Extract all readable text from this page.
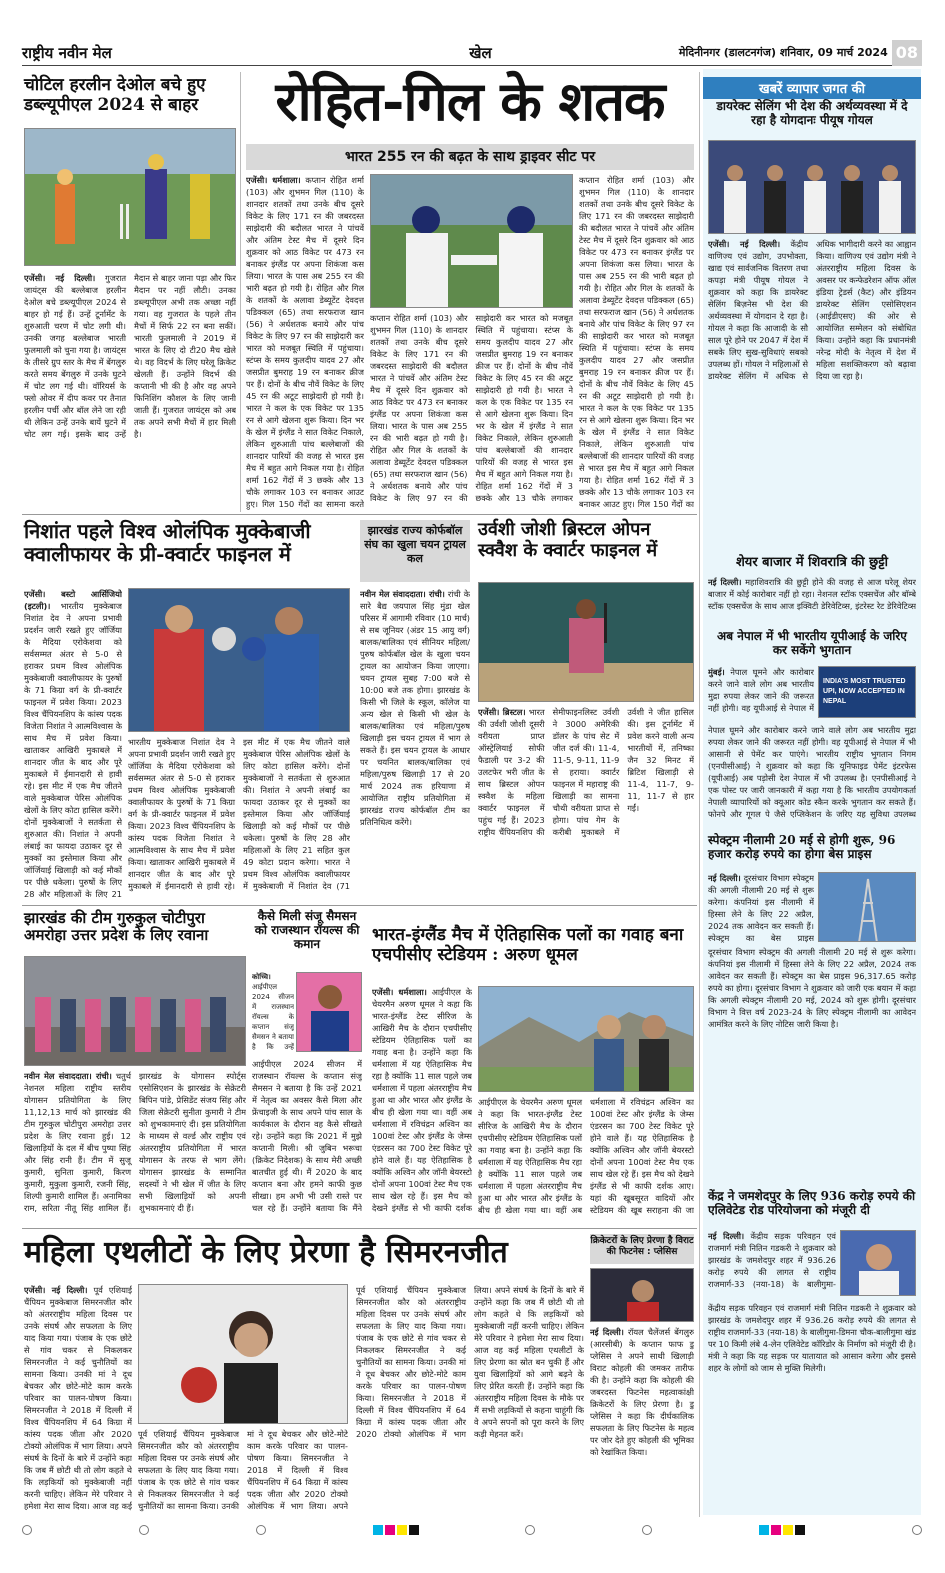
राष्ट्रीय नवीन मेल	खेल	मेदिनीनगर (डालटनगंज) शनिवार, 09 मार्च 2024 08
चोटिल हरलीन देओल बचे हुए डब्ल्यूपीएल 2024 से बाहर
एजेंसी। नई दिल्ली। गुजरात जायंट्स की बल्लेबाज हरलीन देओल बचे डब्ल्यूपीएल 2024 से बाहर हो गई हैं। उन्हें टूर्नामेंट के शुरुआती चरण में चोट लगी थी। उनकी जगह बल्लेबाज भारती फुलमाली को चुना गया है। जायंट्स के तीसरे ग्रुप स्तर के मैच में बेंगलुरु करते समय बेंगलुरु में उनके घुटने में चोट लग गई थी। वॉरियर्स के फ्लो ओवर में दीप कवर पर तैनात हरलीन पर्ची और बॉल लेने जा रही थी लेकिन उन्हें उनके बायें घुटने में चोट लग गई। इसके बाद उन्हें मैदान से बाहर जाना पड़ा और फिर मैदान पर नहीं लौटी। उनका डब्ल्यूपीएल अभी तक अच्छा नहीं गया। वह गुजरात के पहले तीन मैचों में सिर्फ 22 रन बना सकीं। भारती फुलमाली ने 2019 में भारत के लिए दो टी20 मैच खेले थे। वह विदर्भ के लिए घरेलू क्रिकेट खेलती हैं। उन्होंने विदर्भ की कप्तानी भी की है और वह अपने फिनिशिंग कौशल के लिए जानी जाती हैं। गुजरात जायंट्स को अब तक अपने सभी मैचों में हार मिली है।
रोहित-गिल के शतक
भारत 255 रन की बढ़त के साथ ड्राइवर सीट पर
एजेंसी। धर्मशाला। कप्तान रोहित शर्मा (103) और शुभमन गिल (110) के शानदार शतकों तथा उनके बीच दूसरे विकेट के लिए 171 रन की जबरदस्त साझेदारी की बदौलत भारत ने पांचवें और अंतिम टेस्ट मैच में दूसरे दिन शुक्रवार को आठ विकेट पर 473 रन बनाकर इंग्लैंड पर अपना शिकंजा कस लिया। भारत के पास अब 255 रन की भारी बढ़त हो गयी है। रोहित और गिल के शतकों के अलावा डेब्यूटेंट देवदत्त पडिक्कल (65) तथा सरफराज खान (56) ने अर्धशतक बनाये और पांच विकेट के लिए 97 रन की साझेदारी कर भारत को मजबूत स्थिति में पहुंचाया। स्टंप्स के समय कुलदीप यादव 27 और जसप्रीत बुमराह 19 रन बनाकर क्रीज पर हैं। दोनों के बीच नौवें विकेट के लिए 45 रन की अटूट साझेदारी हो गयी है। भारत ने कल के एक विकेट पर 135 रन से आगे खेलना शुरू किया। दिन भर के खेल में इंग्लैंड ने सात विकेट निकाले, लेकिन शुरुआती पांच बल्लेबाजों की शानदार पारियों की वजह से भारत इस मैच में बहुत आगे निकल गया है। रोहित शर्मा 162 गेंदों में 3 छक्के और 13 चौके लगाकर 103 रन बनाकर आउट हुए। गिल 150 गेंदों का सामना करते
कप्तान रोहित शर्मा (103) और शुभमन गिल (110) के शानदार शतकों तथा उनके बीच दूसरे विकेट के लिए 171 रन की जबरदस्त साझेदारी की बदौलत भारत ने पांचवें और अंतिम टेस्ट मैच में दूसरे दिन शुक्रवार को आठ विकेट पर 473 रन बनाकर इंग्लैंड पर अपना शिकंजा कस लिया। भारत के पास अब 255 रन की भारी बढ़त हो गयी है। रोहित और गिल के शतकों के अलावा डेब्यूटेंट देवदत्त पडिक्कल (65) तथा सरफराज खान (56) ने अर्धशतक बनाये और पांच विकेट के लिए 97 रन की साझेदारी कर भारत को मजबूत स्थिति में पहुंचाया। स्टंप्स के समय कुलदीप यादव 27 और जसप्रीत बुमराह 19 रन बनाकर क्रीज पर हैं। दोनों के बीच नौवें विकेट के लिए 45 रन की अटूट साझेदारी हो गयी है। भारत ने कल के एक विकेट पर 135 रन से आगे खेलना शुरू किया। दिन भर के खेल में इंग्लैंड ने सात विकेट निकाले, लेकिन शुरुआती पांच बल्लेबाजों की शानदार पारियों की वजह से भारत इस मैच में बहुत आगे निकल गया है। रोहित शर्मा 162 गेंदों में 3 छक्के और 13 चौके लगाकर
कप्तान रोहित शर्मा (103) और शुभमन गिल (110) के शानदार शतकों तथा उनके बीच दूसरे विकेट के लिए 171 रन की जबरदस्त साझेदारी की बदौलत भारत ने पांचवें और अंतिम टेस्ट मैच में दूसरे दिन शुक्रवार को आठ विकेट पर 473 रन बनाकर इंग्लैंड पर अपना शिकंजा कस लिया। भारत के पास अब 255 रन की भारी बढ़त हो गयी है। रोहित और गिल के शतकों के अलावा डेब्यूटेंट देवदत्त पडिक्कल (65) तथा सरफराज खान (56) ने अर्धशतक बनाये और पांच विकेट के लिए 97 रन की साझेदारी कर भारत को मजबूत स्थिति में पहुंचाया। स्टंप्स के समय कुलदीप यादव 27 और जसप्रीत बुमराह 19 रन बनाकर क्रीज पर हैं। दोनों के बीच नौवें विकेट के लिए 45 रन की अटूट साझेदारी हो गयी है। भारत ने कल के एक विकेट पर 135 रन से आगे खेलना शुरू किया। दिन भर के खेल में इंग्लैंड ने सात विकेट निकाले, लेकिन शुरुआती पांच बल्लेबाजों की शानदार पारियों की वजह से भारत इस मैच में बहुत आगे निकल गया है। रोहित शर्मा 162 गेंदों में 3 छक्के और 13 चौके लगाकर 103 रन बनाकर आउट हुए। गिल 150 गेंदों का
निशांत पहले विश्व ओलंपिक मुक्केबाजी क्वालीफायर के प्री-क्वार्टर फाइनल में
एजेंसी। बस्टो आर्सिजियो (इटली)। भारतीय मुक्केबाज निशांत देव ने अपना प्रभावी प्रदर्शन जारी रखते हुए जॉर्जिया के मैदिया एरोकेशवा को सर्वसम्मत अंतर से 5-0 से हराकर प्रथम विश्व ओलंपिक मुक्केबाजी क्वालीफायर के पुरुषों के 71 किग्रा वर्ग के प्री-क्वार्टर फाइनल में प्रवेश किया। 2023 विश्व चैंपियनशिप के कांस्य पदक विजेता निशांत ने आत्मविश्वास के साथ मैच में प्रवेश किया। खाताकर आखिरी मुकाबले में शानदार जीत के बाद और पूरे मुकाबले में ईमानदारी से हावी रहे। इस मीट में एक मैच जीतने वाले मुक्केबाज पेरिस ओलंपिक खेलों के लिए कोटा हासिल करेंगे। दोनों मुक्केबाजों ने सतर्कता से शुरुआत की। निशांत ने अपनी लंबाई का फायदा उठाकर दूर से मुक्कों का इस्तेमाल किया और जॉर्जियाई खिलाड़ी को कई मौकों पर पीछे धकेला। पुरुषों के लिए 28 और महिलाओं के लिए 21
भारतीय मुक्केबाज निशांत देव ने अपना प्रभावी प्रदर्शन जारी रखते हुए जॉर्जिया के मैदिया एरोकेशवा को सर्वसम्मत अंतर से 5-0 से हराकर प्रथम विश्व ओलंपिक मुक्केबाजी क्वालीफायर के पुरुषों के 71 किग्रा वर्ग के प्री-क्वार्टर फाइनल में प्रवेश किया। 2023 विश्व चैंपियनशिप के कांस्य पदक विजेता निशांत ने आत्मविश्वास के साथ मैच में प्रवेश किया। खाताकर आखिरी मुकाबले में शानदार जीत के बाद और पूरे मुकाबले में ईमानदारी से हावी रहे। इस मीट में एक मैच जीतने वाले मुक्केबाज पेरिस ओलंपिक खेलों के लिए कोटा हासिल करेंगे। दोनों मुक्केबाजों ने सतर्कता से शुरुआत की। निशांत ने अपनी लंबाई का फायदा उठाकर दूर से मुक्कों का इस्तेमाल किया और जॉर्जियाई खिलाड़ी को कई मौकों पर पीछे धकेला। पुरुषों के लिए 28 और महिलाओं के लिए 21 सहित कुल 49 कोटा प्रदान करेगा। भारत ने प्रथम विश्व ओलंपिक क्वालीफायर में मुक्केबाजी में निशांत देव (71
झारखंड राज्य कोर्फबॉल संघ का खुला चयन ट्रायल कल
नवीन मेल संवाददाता। रांची। रांची के सारे बैद्य जयपाल सिंह मुंडा खेल परिसर में आगामी रविवार (10 मार्च) से सब जूनियर (अंडर 15 आयु वर्ग) बालक/बालिका एवं सीनियर महिला/पुरुष कोर्फबॉल खेल के खुला चयन ट्रायल का आयोजन किया जाएगा। चयन ट्रायल सुबह 7:00 बजे से 10:00 बजे तक होगा। झारखंड के किसी भी जिले के स्कूल, कॉलेज या अन्य खेल से किसी भी खेल के बालक/बालिका एवं महिला/पुरुष खिलाड़ी इस चयन ट्रायल में भाग ले सकते हैं। इस चयन ट्रायल के आधार पर चयनित बालक/बालिका एवं महिला/पुरुष खिलाड़ी 17 से 20 मार्च 2024 तक हरियाणा में आयोजित राष्ट्रीय प्रतियोगिता में झारखंड राज्य कोर्फबॉल टीम का प्रतिनिधित्व करेंगे।
उर्वशी जोशी ब्रिस्टल ओपन स्क्वैश के क्वार्टर फाइनल में
एजेंसी। ब्रिस्टल। भारत की उर्वशी जोशी दूसरी वरीयता प्राप्त ऑस्ट्रेलियाई सोफी फैडाली पर 3-2 की उलटफेर भरी जीत के साथ ब्रिस्टल ओपन स्क्वैश के महिला क्वार्टर फाइनल में पहुंच गई हैं। 2023 राष्ट्रीय चैंपियनशिप की सेमीफाइनलिस्ट उर्वशी ने 3000 अमेरिकी डॉलर के पांच सेट में जीत दर्ज की। 11-4, 11-5, 9-11, 11-9 से हराया। क्वार्टर फाइनल में महाराष्ट्र की खिलाड़ी का सामना चौथी वरीयता प्राप्त से होगा। पांच गेम के करीबी मुकाबले में उर्वशी ने जीत हासिल की। इस टूर्नामेंट में प्रवेश करने वाली अन्य भारतीयों में, तनिष्का जैन 32 मिनट में ब्रिटिश खिलाड़ी से 11-4, 11-7, 9-11, 11-7 से हार गईं।
झारखंड की टीम गुरुकुल चोटीपुरा अमरोहा उत्तर प्रदेश के लिए रवाना
नवीन मेल संवाददाता। रांची। चतुर्थ नेशनल महिला राष्ट्रीय स्तरीय योगासन प्रतियोगिता के लिए 11,12,13 मार्च को झारखंड की टीम गुरुकुल चोटीपुरा अमरोहा उत्तर प्रदेश के लिए रवाना हुई। 12 खिलाड़ियों के दल में बीच पुष्पा सिंह और सिंह रानी हैं। टीम में सुजू कुमारी, सुनिता कुमारी, किरण कुमारी, मुकुला कुमारी, रजनी सिंह, शिल्पी कुमारी शामिल हैं। अनामिका राम, सरिता नीतू सिंह शामिल हैं। झारखंड के योगासन स्पोर्ट्स एसोसिएशन के झारखंड के सेक्रेटरी बिपिन पांडे, प्रेसिडेंट संजय सिंह और जिला सेक्रेटरी सुनीता कुमारी ने टीम को शुभकामनाएं दी। इस प्रतियोगिता के माध्यम से वर्ल्ड और राष्ट्रीय एवं अंतरराष्ट्रीय प्रतियोगिता में भारत योगासन के तरफ से भाग लेंगे। योगासन झारखंड के सम्मानित सदस्यों ने भी खेल में जीत के लिए सभी खिलाड़ियों को अपनी शुभकामनाएं दी हैं।
कैसे मिली संजू सैमसन को राजस्थान रॉयल्स की कमान
कोच्चि। आईपीएल 2024 सीजन में राजस्थान रॉयल्स के कप्तान संजू सैमसन ने बताया है कि उन्हें
आईपीएल 2024 सीजन में राजस्थान रॉयल्स के कप्तान संजू सैमसन ने बताया है कि उन्हें 2021 में नेतृत्व का अवसर कैसे मिला और फ्रेंचाइजी के साथ अपने पांच साल के कार्यकाल के दौरान वह कैसे सीखते रहे। उन्होंने कहा कि 2021 में मुझे कप्तानी मिली। श्री जुबिन भरूचा (क्रिकेट निदेशक) के साथ मेरी अच्छी बातचीत हुई थी। मैं 2020 के बाद कप्तान बना और हमने काफी कुछ सीखा। हम अभी भी उसी रास्ते पर चल रहे हैं। उन्होंने बताया कि मैंने
भारत-इंग्लैंड मैच में ऐतिहासिक पलों का गवाह बना एचपीसीए स्टेडियम : अरुण धूमल
एजेंसी। धर्मशाला। आईपीएल के चेयरमैन अरुण धूमल ने कहा कि भारत-इंग्लैंड टेस्ट सीरिज के आखिरी मैच के दौरान एचपीसीए स्टेडियम ऐतिहासिक पलों का गवाह बना है। उन्होंने कहा कि धर्मशाला में यह ऐतिहासिक मैच रहा है क्योंकि 11 साल पहले जब धर्मशाला में पहला अंतरराष्ट्रीय मैच हुआ था और भारत और इंग्लैंड के बीच ही खेला गया था। वहीं अब धर्मशाला में रविचंद्रन अश्विन का 100वां टेस्ट और इंग्लैंड के जेम्स एंडरसन का 700 टेस्ट विकेट पूरे होने वाले हैं। यह ऐतिहासिक है क्योंकि अश्विन और जॉनी बेयरस्टो दोनों अपना 100वां टेस्ट मैच एक साथ खेल रहे हैं। इस मैच को देखने इंग्लैंड से भी काफी दर्शक
आईपीएल के चेयरमैन अरुण धूमल ने कहा कि भारत-इंग्लैंड टेस्ट सीरिज के आखिरी मैच के दौरान एचपीसीए स्टेडियम ऐतिहासिक पलों का गवाह बना है। उन्होंने कहा कि धर्मशाला में यह ऐतिहासिक मैच रहा है क्योंकि 11 साल पहले जब धर्मशाला में पहला अंतरराष्ट्रीय मैच हुआ था और भारत और इंग्लैंड के बीच ही खेला गया था। वहीं अब धर्मशाला में रविचंद्रन अश्विन का 100वां टेस्ट और इंग्लैंड के जेम्स एंडरसन का 700 टेस्ट विकेट पूरे होने वाले हैं। यह ऐतिहासिक है क्योंकि अश्विन और जॉनी बेयरस्टो दोनों अपना 100वां टेस्ट मैच एक साथ खेल रहे हैं। इस मैच को देखने इंग्लैंड से भी काफी दर्शक आए। यहां की खूबसूरत वादियों और स्टेडियम की खूब सराहना की जा
महिला एथलीटों के लिए प्रेरणा है सिमरनजीत
एजेंसी। नई दिल्ली। पूर्व एशियाई चैंपियन मुक्केबाज सिमरनजीत कौर को अंतरराष्ट्रीय महिला दिवस पर उनके संघर्ष और सफलता के लिए याद किया गया। पंजाब के एक छोटे से गांव चकर से निकलकर सिमरनजीत ने कई चुनौतियों का सामना किया। उनकी मां ने दूध बेचकर और छोटे-मोटे काम करके परिवार का पालन-पोषण किया। सिमरनजीत ने 2018 में दिल्ली में विश्व चैंपियनशिप में 64 किग्रा में कांस्य पदक जीता और 2020 टोक्यो ओलंपिक में भाग लिया। अपने संघर्ष के दिनों के बारे में उन्होंने कहा कि जब मैं छोटी थी तो लोग कहते थे कि लड़कियों को मुक्केबाजी नहीं करनी चाहिए। लेकिन मेरे परिवार ने हमेशा मेरा साथ दिया। आज वह कई
पूर्व एशियाई चैंपियन मुक्केबाज सिमरनजीत कौर को अंतरराष्ट्रीय महिला दिवस पर उनके संघर्ष और सफलता के लिए याद किया गया। पंजाब के एक छोटे से गांव चकर से निकलकर सिमरनजीत ने कई चुनौतियों का सामना किया। उनकी मां ने दूध बेचकर और छोटे-मोटे काम करके परिवार का पालन-पोषण किया। सिमरनजीत ने 2018 में दिल्ली में विश्व चैंपियनशिप में 64 किग्रा में कांस्य पदक जीता और 2020 टोक्यो ओलंपिक में भाग लिया। अपने
पूर्व एशियाई चैंपियन मुक्केबाज सिमरनजीत कौर को अंतरराष्ट्रीय महिला दिवस पर उनके संघर्ष और सफलता के लिए याद किया गया। पंजाब के एक छोटे से गांव चकर से निकलकर सिमरनजीत ने कई चुनौतियों का सामना किया। उनकी मां ने दूध बेचकर और छोटे-मोटे काम करके परिवार का पालन-पोषण किया। सिमरनजीत ने 2018 में दिल्ली में विश्व चैंपियनशिप में 64 किग्रा में कांस्य पदक जीता और 2020 टोक्यो ओलंपिक में भाग लिया। अपने संघर्ष के दिनों के बारे में उन्होंने कहा कि जब मैं छोटी थी तो लोग कहते थे कि लड़कियों को मुक्केबाजी नहीं करनी चाहिए। लेकिन मेरे परिवार ने हमेशा मेरा साथ दिया। आज वह कई महिला एथलीटों के लिए प्रेरणा का स्रोत बन चुकी हैं और युवा खिलाड़ियों को आगे बढ़ने के लिए प्रेरित करती हैं। उन्होंने कहा कि अंतरराष्ट्रीय महिला दिवस के मौके पर मैं सभी लड़कियों से कहना चाहूंगी कि वे अपने सपनों को पूरा करने के लिए कड़ी मेहनत करें।
क्रिकेटरों के लिए प्रेरणा है विराट की फिटनेस : प्लेसिस
नई दिल्ली। रॉयल चैलेंजर्स बेंगलुरु (आरसीबी) के कप्तान फाफ डु प्लेसिस ने अपने साथी खिलाड़ी विराट कोहली की जमकर तारीफ की है। उन्होंने कहा कि कोहली की जबरदस्त फिटनेस महत्वाकांक्षी क्रिकेटरों के लिए प्रेरणा है। डु प्लेसिस ने कहा कि दीर्घकालिक सफलता के लिए फिटनेस के महत्व पर जोर देते हुए कोहली की भूमिका को रेखांकित किया।
खबरें व्यापार जगत की
डायरेक्ट सेलिंग भी देश की अर्थव्यवस्था में दे रहा है योगदानः पीयूष गोयल
एजेंसी। नई दिल्ली। केंद्रीय वाणिज्य एवं उद्योग, उपभोक्ता, खाद्य एवं सार्वजनिक वितरण तथा कपड़ा मंत्री पीयूष गोयल ने शुक्रवार को कहा कि डायरेक्ट सेलिंग बिज़नेस भी देश की अर्थव्यवस्था में योगदान दे रहा है। गोयल ने कहा कि आजादी के सौ साल पूरे होने पर 2047 में देश में सबके लिए सुख-सुविधाएं सबको उपलब्ध हों। गोयल ने महिलाओं से डायरेक्ट सेलिंग में अधिक से अधिक भागीदारी करने का आह्वान किया। वाणिज्य एवं उद्योग मंत्री ने अंतरराष्ट्रीय महिला दिवस के अवसर पर कन्फेडरेशन ऑफ ऑल इंडिया ट्रेडर्स (कैट) और इंडियन डायरेक्ट सेलिंग एसोसिएशन (आईडीएसए) की ओर से आयोजित सम्मेलन को संबोधित किया। उन्होंने कहा कि प्रधानमंत्री नरेन्द्र मोदी के नेतृत्व में देश में महिला सशक्तिकरण को बढ़ावा दिया जा रहा है।
शेयर बाजार में शिवरात्रि की छुट्टी
नई दिल्ली। महाशिवरात्रि की छुट्टी होने की वजह से आज घरेलू शेयर बाजार में कोई कारोबार नहीं हो रहा। नेशनल स्टॉक एक्सचेंज और बॉम्बे स्टॉक एक्सचेंज के साथ आज इक्विटी डेरिवेटिव्स, इंटरेस्ट रेट डेरिवेटिव्स
अब नेपाल में भी भारतीय यूपीआई के जरिए कर सकेंगे भुगतान
INDIA'S MOST TRUSTED UPI, NOW ACCEPTED IN NEPAL
मुंबई। नेपाल घूमने और कारोबार करने जाने वाले लोग अब भारतीय मुद्रा रुपया लेकर जाने की जरूरत नहीं होगी। वह यूपीआई से नेपाल में
नेपाल घूमने और कारोबार करने जाने वाले लोग अब भारतीय मुद्रा रुपया लेकर जाने की जरूरत नहीं होगी। वह यूपीआई से नेपाल में भी आसानी से पेमेंट कर पाएंगे। भारतीय राष्ट्रीय भुगतान निगम (एनपीसीआई) ने शुक्रवार को कहा कि यूनिफाइड पेमेंट इंटरफेस (यूपीआई) अब पड़ोसी देश नेपाल में भी उपलब्ध है। एनपीसीआई ने एक पोस्ट पर जारी जानकारी में कहा गया है कि भारतीय उपयोगकर्ता नेपाली व्यापारियों को क्यूआर कोड स्कैन करके भुगतान कर सकते हैं। फोनपे और गूगल पे जैसे एप्लिकेशन के जरिए यह सुविधा उपलब्ध
स्पेक्ट्रम नीलामी 20 मई से होगी शुरू, 96 हजार करोड़ रुपये का होगा बेस प्राइस
नई दिल्ली। दूरसंचार विभाग स्पेक्ट्रम की अगली नीलामी 20 मई से शुरू करेगा। कंपनियां इस नीलामी में हिस्सा लेने के लिए 22 अप्रैल, 2024 तक आवेदन कर सकती हैं। स्पेक्ट्रम का बेस प्राइस
दूरसंचार विभाग स्पेक्ट्रम की अगली नीलामी 20 मई से शुरू करेगा। कंपनियां इस नीलामी में हिस्सा लेने के लिए 22 अप्रैल, 2024 तक आवेदन कर सकती हैं। स्पेक्ट्रम का बेस प्राइस 96,317.65 करोड़ रुपये का होगा। दूरसंचार विभाग ने शुक्रवार को जारी एक बयान में कहा कि अगली स्पेक्ट्रम नीलामी 20 मई, 2024 को शुरू होगी। दूरसंचार विभाग ने वित्त वर्ष 2023-24 के लिए स्पेक्ट्रम नीलामी का आवेदन आमंत्रित करने के लिए नोटिस जारी किया है।
केंद्र ने जमशेदपुर के लिए 936 करोड़ रुपये की एलिवेटेड रोड परियोजना को मंजूरी दी
नई दिल्ली। केंद्रीय सड़क परिवहन एवं राजमार्ग मंत्री नितिन गडकरी ने शुक्रवार को झारखंड के जमशेदपुर शहर में 936.26 करोड़ रुपये की लागत से राष्ट्रीय राजमार्ग-33 (नया-18) के बालीगुमा-
केंद्रीय सड़क परिवहन एवं राजमार्ग मंत्री नितिन गडकरी ने शुक्रवार को झारखंड के जमशेदपुर शहर में 936.26 करोड़ रुपये की लागत से राष्ट्रीय राजमार्ग-33 (नया-18) के बालीगुमा-डिमना चौक-बालीगुमा खंड पर 10 किमी लंबे 4-लेन एलिवेटेड कॉरिडोर के निर्माण को मंजूरी दी है। मंत्री ने कहा कि यह सड़क पर यातायात को आसान करेगा और इससे शहर के लोगों को जाम से मुक्ति मिलेगी।
